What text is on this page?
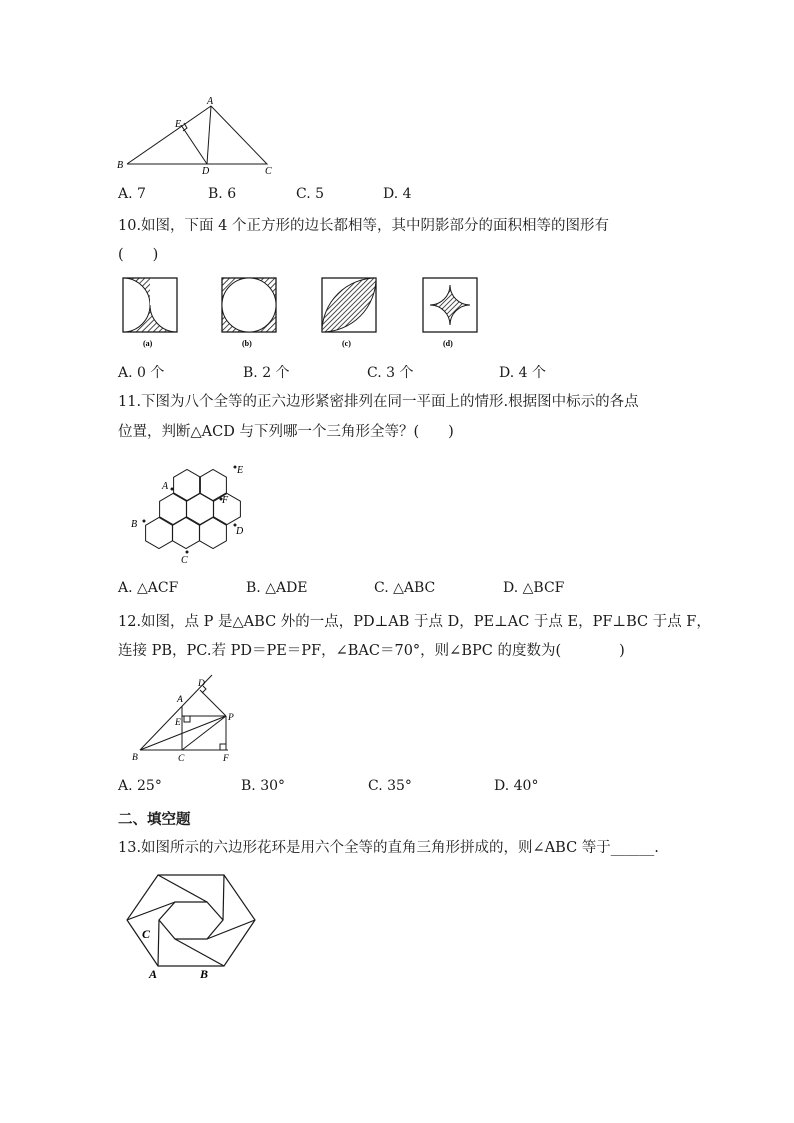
A
E
B
D	C
A. 7	B. 6	C. 5	D. 4
10.如图，下面 4 个正方形的边长都相等，其中阴影部分的面积相等的图形有
(　　)
(a)	(b)	(c)	(d)
A. 0 个	B. 2 个	C. 3 个	D. 4 个
11.下图为八个全等的正六边形紧密排列在同一平面上的情形.根据图中标示的各点
位置，判断△ACD 与下列哪一个三角形全等？(　　)
A
B
C
D
E
F
A. △ACF	B. △ADE	C. △ABC	D. △BCF
12.如图，点 P 是△ABC 外的一点，PD⊥AB 于点 D，PE⊥AC 于点 E，PF⊥BC 于点 F，
连接 PB，PC.若 PD＝PE＝PF，∠BAC＝70°，则∠BPC 的度数为(　　　　)
D
A
E	P
B	C	F
A. 25°	B. 30°	C. 35°	D. 40°
二、填空题
13.如图所示的六边形花环是用六个全等的直角三角形拼成的，则∠ABC 等于______.
C
A	B
